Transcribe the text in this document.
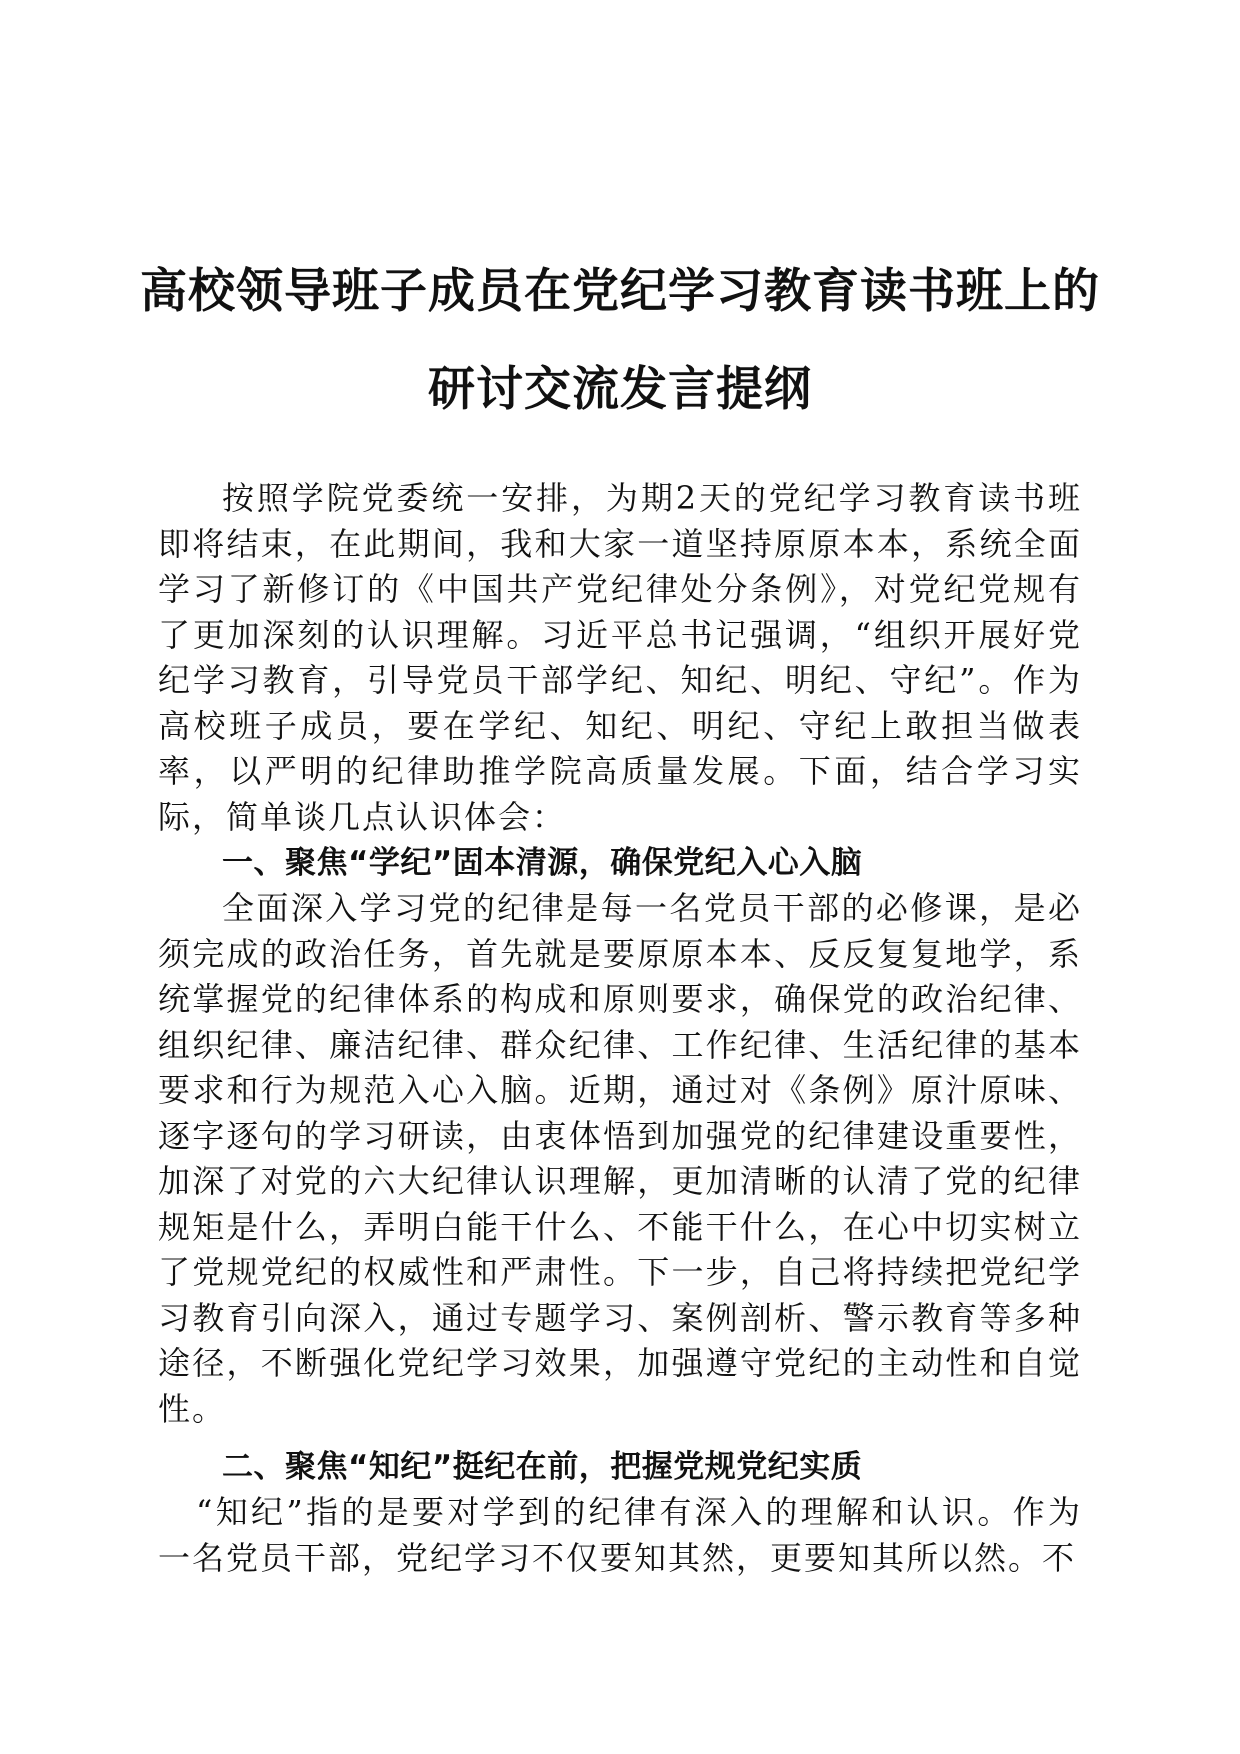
高校领导班子成员在党纪学习教育读书班上的
研讨交流发言提纲

按照学院党委统一安排，为期2天的党纪学习教育读书班即将结束，在此期间，我和大家一道坚持原原本本，系统全面学习了新修订的《中国共产党纪律处分条例》，对党纪党规有了更加深刻的认识理解。习近平总书记强调，“组织开展好党纪学习教育，引导党员干部学纪、知纪、明纪、守纪”。作为高校班子成员，要在学纪、知纪、明纪、守纪上敢担当做表率，以严明的纪律助推学院高质量发展。下面，结合学习实际，简单谈几点认识体会：

一、聚焦“学纪”固本清源，确保党纪入心入脑

全面深入学习党的纪律是每一名党员干部的必修课，是必须完成的政治任务，首先就是要原原本本、反反复复地学，系统掌握党的纪律体系的构成和原则要求，确保党的政治纪律、组织纪律、廉洁纪律、群众纪律、工作纪律、生活纪律的基本要求和行为规范入心入脑。近期，通过对《条例》原汁原味、逐字逐句的学习研读，由衷体悟到加强党的纪律建设重要性，加深了对党的六大纪律认识理解，更加清晰的认清了党的纪律规矩是什么，弄明白能干什么、不能干什么，在心中切实树立了党规党纪的权威性和严肃性。下一步，自己将持续把党纪学习教育引向深入，通过专题学习、案例剖析、警示教育等多种途径，不断强化党纪学习效果，加强遵守党纪的主动性和自觉性。

二、聚焦“知纪”挺纪在前，把握党规党纪实质

“知纪”指的是要对学到的纪律有深入的理解和认识。作为一名党员干部，党纪学习不仅要知其然，更要知其所以然。不
